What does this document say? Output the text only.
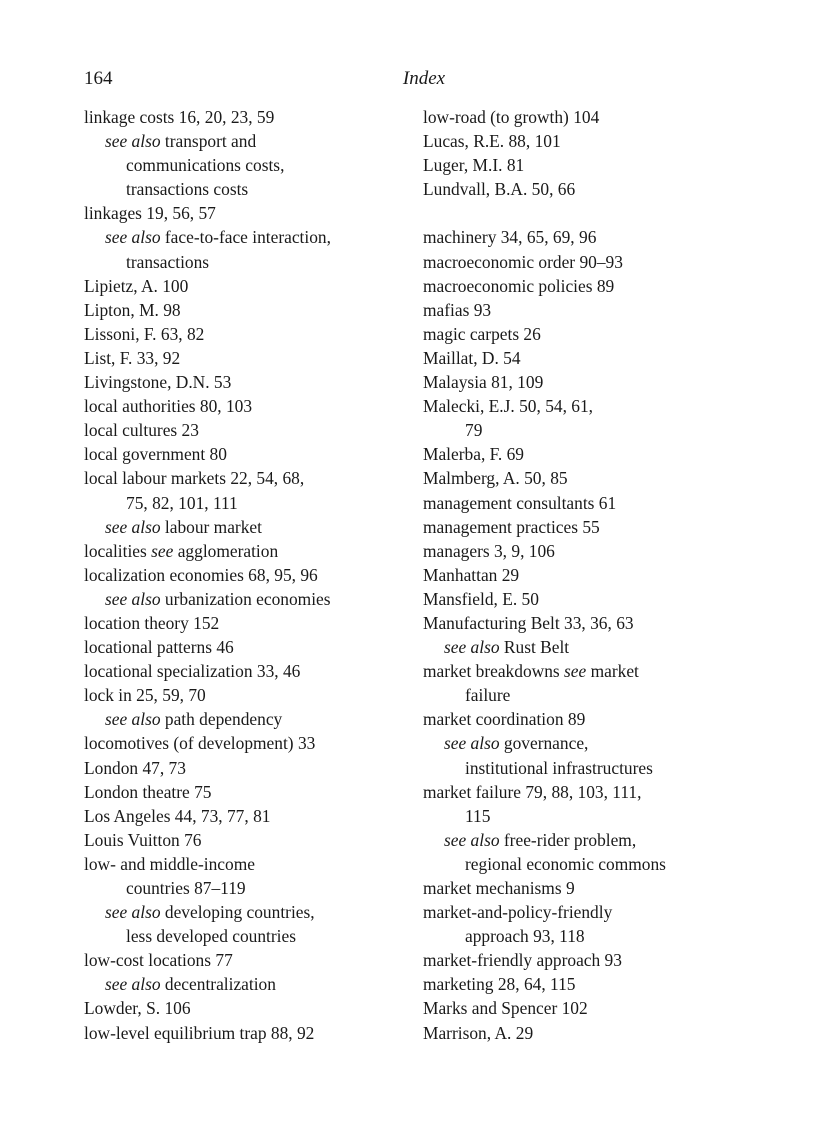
164	Index
linkage costs 16, 20, 23, 59
see also transport and
communications costs,
transactions costs
linkages 19, 56, 57
see also face-to-face interaction,
transactions
Lipietz, A. 100
Lipton, M. 98
Lissoni, F. 63, 82
List, F. 33, 92
Livingstone, D.N. 53
local authorities 80, 103
local cultures 23
local government 80
local labour markets 22, 54, 68,
75, 82, 101, 111
see also labour market
localities see agglomeration
localization economies 68, 95, 96
see also urbanization economies
location theory 152
locational patterns 46
locational specialization 33, 46
lock in 25, 59, 70
see also path dependency
locomotives (of development) 33
London 47, 73
London theatre 75
Los Angeles 44, 73, 77, 81
Louis Vuitton 76
low- and middle-income
countries 87–119
see also developing countries,
less developed countries
low-cost locations 77
see also decentralization
Lowder, S. 106
low-level equilibrium trap 88, 92
low-road (to growth) 104
Lucas, R.E. 88, 101
Luger, M.I. 81
Lundvall, B.A. 50, 66
machinery 34, 65, 69, 96
macroeconomic order 90–93
macroeconomic policies 89
mafias 93
magic carpets 26
Maillat, D. 54
Malaysia 81, 109
Malecki, E.J. 50, 54, 61,
79
Malerba, F. 69
Malmberg, A. 50, 85
management consultants 61
management practices 55
managers 3, 9, 106
Manhattan 29
Mansfield, E. 50
Manufacturing Belt 33, 36, 63
see also Rust Belt
market breakdowns see market
failure
market coordination 89
see also governance,
institutional infrastructures
market failure 79, 88, 103, 111,
115
see also free-rider problem,
regional economic commons
market mechanisms 9
market-and-policy-friendly
approach 93, 118
market-friendly approach 93
marketing 28, 64, 115
Marks and Spencer 102
Marrison, A. 29
